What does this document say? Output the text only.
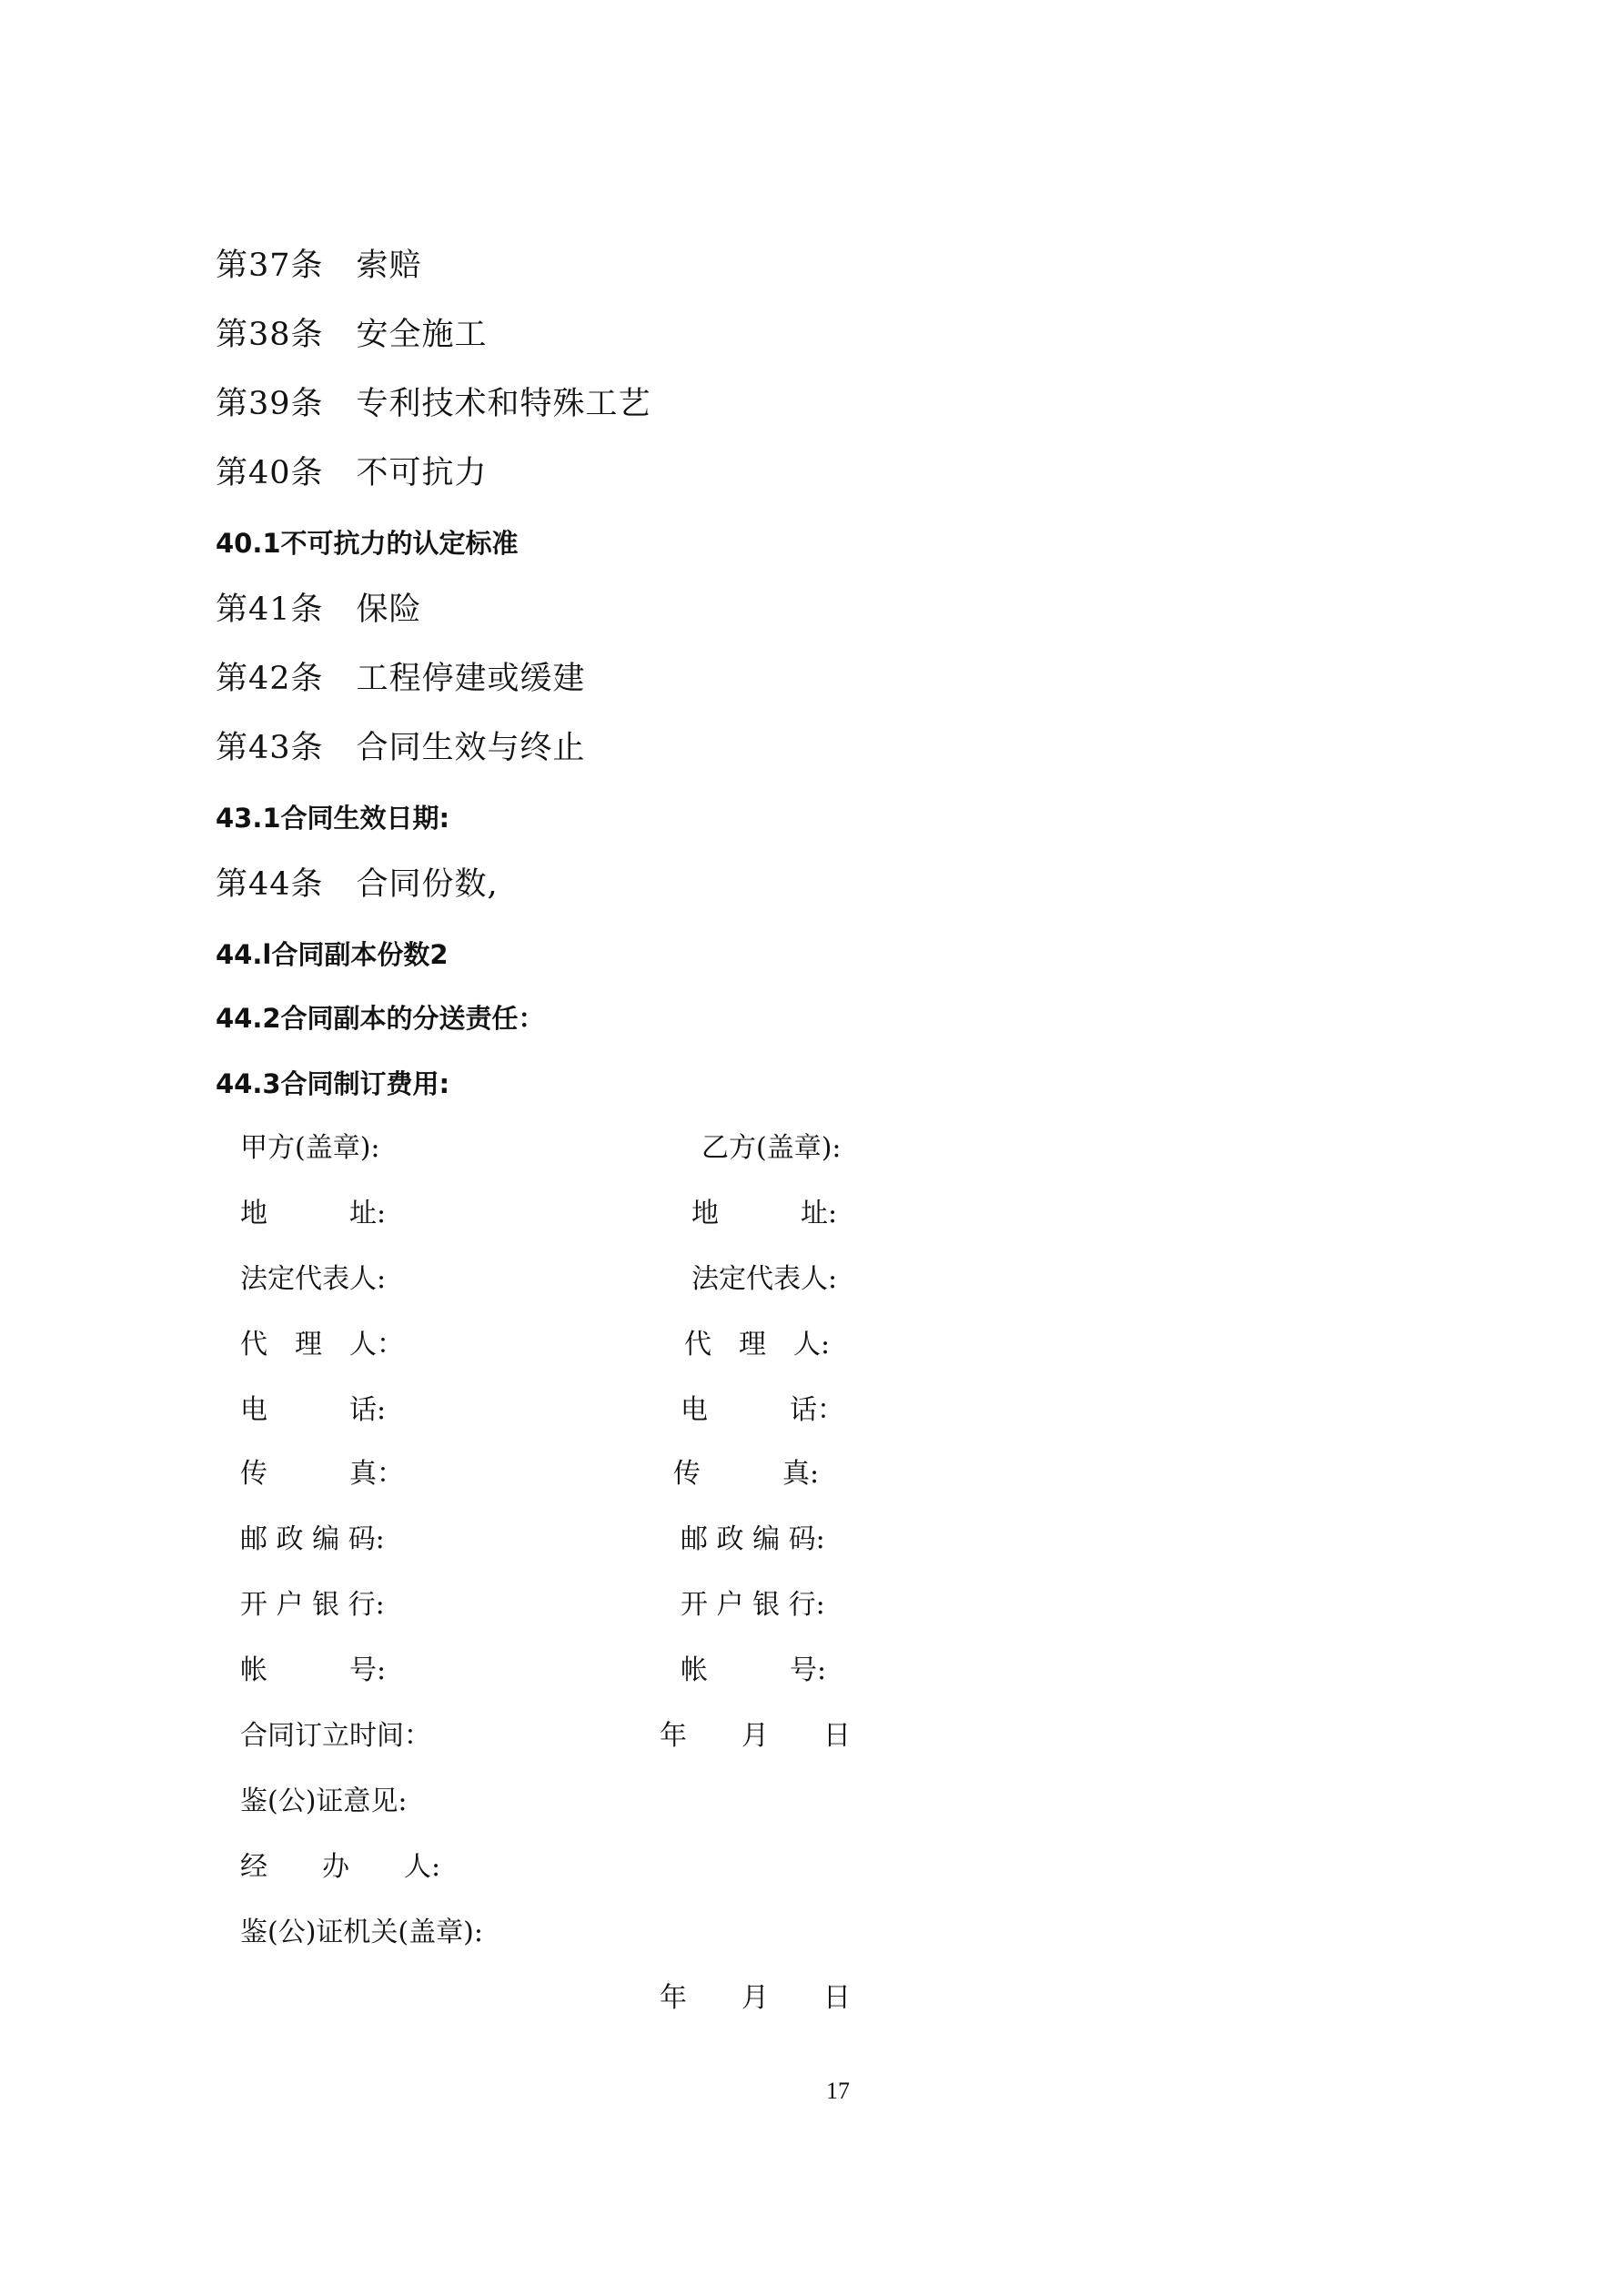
第37条　索赔
第38条　安全施工
第39条　专利技术和特殊工艺
第40条　不可抗力
40.1不可抗力的认定标准
第41条　保险
第42条　工程停建或缓建
第43条　合同生效与终止
43.1合同生效日期:
第44条　合同份数,
44.l合同副本份数2
44.2合同副本的分送责任：
44.3合同制订费用:
甲方(盖章):	乙方(盖章):
地　　　址:	地　　　址:
法定代表人:	法定代表人:
代　理　人：	代　理　人:
电　　　话:	电　　　话：
传　　　真：	传　　　真:
邮 政 编 码:	邮 政 编 码:
开 户 银 行:	开 户 银 行:
帐　　　号:	帐　　　号:
合同订立时间：	年　　月　　日
鉴(公)证意见:
经　　办　　人:
鉴(公)证机关(盖章):
年　　月　　日
17
